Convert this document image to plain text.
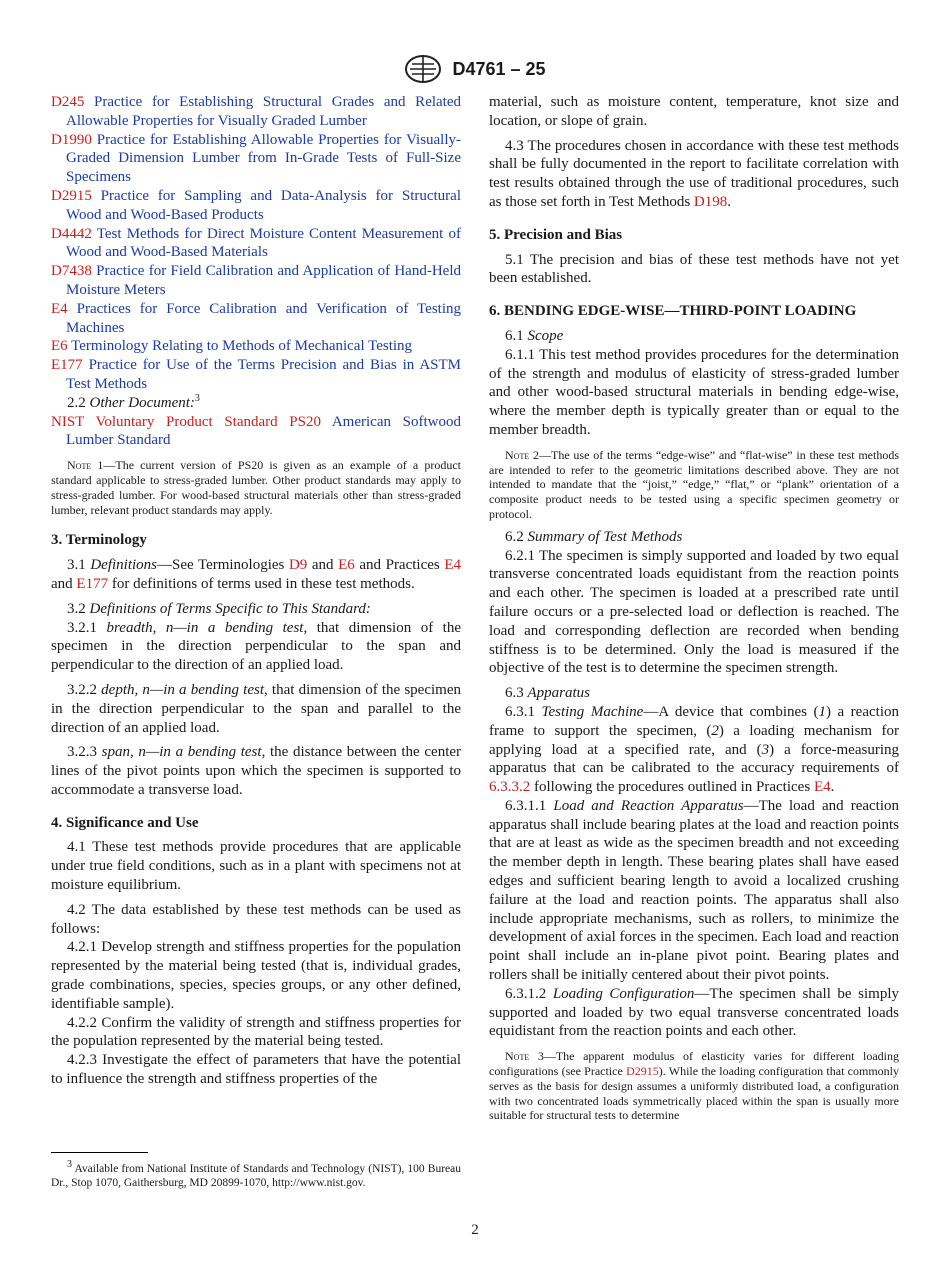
D4761 – 25

D245 Practice for Establishing Structural Grades and Related Allowable Properties for Visually Graded Lumber

D1990 Practice for Establishing Allowable Properties for Visually-Graded Dimension Lumber from In-Grade Tests of Full-Size Specimens

D2915 Practice for Sampling and Data-Analysis for Structural Wood and Wood-Based Products

D4442 Test Methods for Direct Moisture Content Measurement of Wood and Wood-Based Materials

D7438 Practice for Field Calibration and Application of Hand-Held Moisture Meters

E4 Practices for Force Calibration and Verification of Testing Machines

E6 Terminology Relating to Methods of Mechanical Testing

E177 Practice for Use of the Terms Precision and Bias in ASTM Test Methods

2.2 Other Document:$^3$

NIST Voluntary Product Standard PS20 American Softwood Lumber Standard

Note 1—The current version of PS20 is given as an example of a product standard applicable to stress-graded lumber. Other product standards may apply to stress-graded lumber. For wood-based structural materials other than stress-graded lumber, relevant product standards may apply.

3. Terminology

3.1 Definitions—See Terminologies D9 and E6 and Practices E4 and E177 for definitions of terms used in these test methods.

3.2 Definitions of Terms Specific to This Standard:

3.2.1 breadth, n—in a bending test, that dimension of the specimen in the direction perpendicular to the span and perpendicular to the direction of an applied load.

3.2.2 depth, n—in a bending test, that dimension of the specimen in the direction perpendicular to the span and parallel to the direction of an applied load.

3.2.3 span, n—in a bending test, the distance between the center lines of the pivot points upon which the specimen is supported to accommodate a transverse load.

4. Significance and Use

4.1 These test methods provide procedures that are applicable under true field conditions, such as in a plant with specimens not at moisture equilibrium.

4.2 The data established by these test methods can be used as follows:

4.2.1 Develop strength and stiffness properties for the population represented by the material being tested (that is, individual grades, grade combinations, species, species groups, or any other defined, identifiable sample).

4.2.2 Confirm the validity of strength and stiffness properties for the population represented by the material being tested.

4.2.3 Investigate the effect of parameters that have the potential to influence the strength and stiffness properties of the

material, such as moisture content, temperature, knot size and location, or slope of grain.

4.3 The procedures chosen in accordance with these test methods shall be fully documented in the report to facilitate correlation with test results obtained through the use of traditional procedures, such as those set forth in Test Methods D198.

5. Precision and Bias

5.1 The precision and bias of these test methods have not yet been established.

6. BENDING EDGE-WISE—THIRD-POINT LOADING

6.1 Scope

6.1.1 This test method provides procedures for the determination of the strength and modulus of elasticity of stress-graded lumber and other wood-based structural materials in bending edge-wise, where the member depth is typically greater than or equal to the member breadth.

Note 2—The use of the terms “edge-wise” and “flat-wise” in these test methods are intended to refer to the geometric limitations described above. They are not intended to mandate that the “joist,” “edge,” “flat,” or “plank” orientation of a composite product needs to be tested using a specific specimen geometry or protocol.

6.2 Summary of Test Methods

6.2.1 The specimen is simply supported and loaded by two equal transverse concentrated loads equidistant from the reaction points and each other. The specimen is loaded at a prescribed rate until failure occurs or a pre-selected load or deflection is reached. The load and corresponding deflection are recorded when bending stiffness is to be determined. Only the load is measured if the objective of the test is to determine the specimen strength.

6.3 Apparatus

6.3.1 Testing Machine—A device that combines (1) a reaction frame to support the specimen, (2) a loading mechanism for applying load at a specified rate, and (3) a force-measuring apparatus that can be calibrated to the accuracy requirements of 6.3.3.2 following the procedures outlined in Practices E4.

6.3.1.1 Load and Reaction Apparatus—The load and reaction apparatus shall include bearing plates at the load and reaction points that are at least as wide as the specimen breadth and not exceeding the member depth in length. These bearing plates shall have eased edges and sufficient bearing length to avoid a localized crushing failure at the load and reaction points. The apparatus shall also include appropriate mechanisms, such as rollers, to minimize the development of axial forces in the specimen. Each load and reaction point shall include an in-plane pivot point. Bearing plates and rollers shall be initially centered about their pivot points.

6.3.1.2 Loading Configuration—The specimen shall be simply supported and loaded by two equal transverse concentrated loads equidistant from the reaction points and each other.

Note 3—The apparent modulus of elasticity varies for different loading configurations (see Practice D2915). While the loading configuration that commonly serves as the basis for design assumes a uniformly distributed load, a configuration with two concentrated loads symmetrically placed within the span is usually more suitable for structural tests to determine

$^3$ Available from National Institute of Standards and Technology (NIST), 100 Bureau Dr., Stop 1070, Gaithersburg, MD 20899-1070, http://www.nist.gov.

2
